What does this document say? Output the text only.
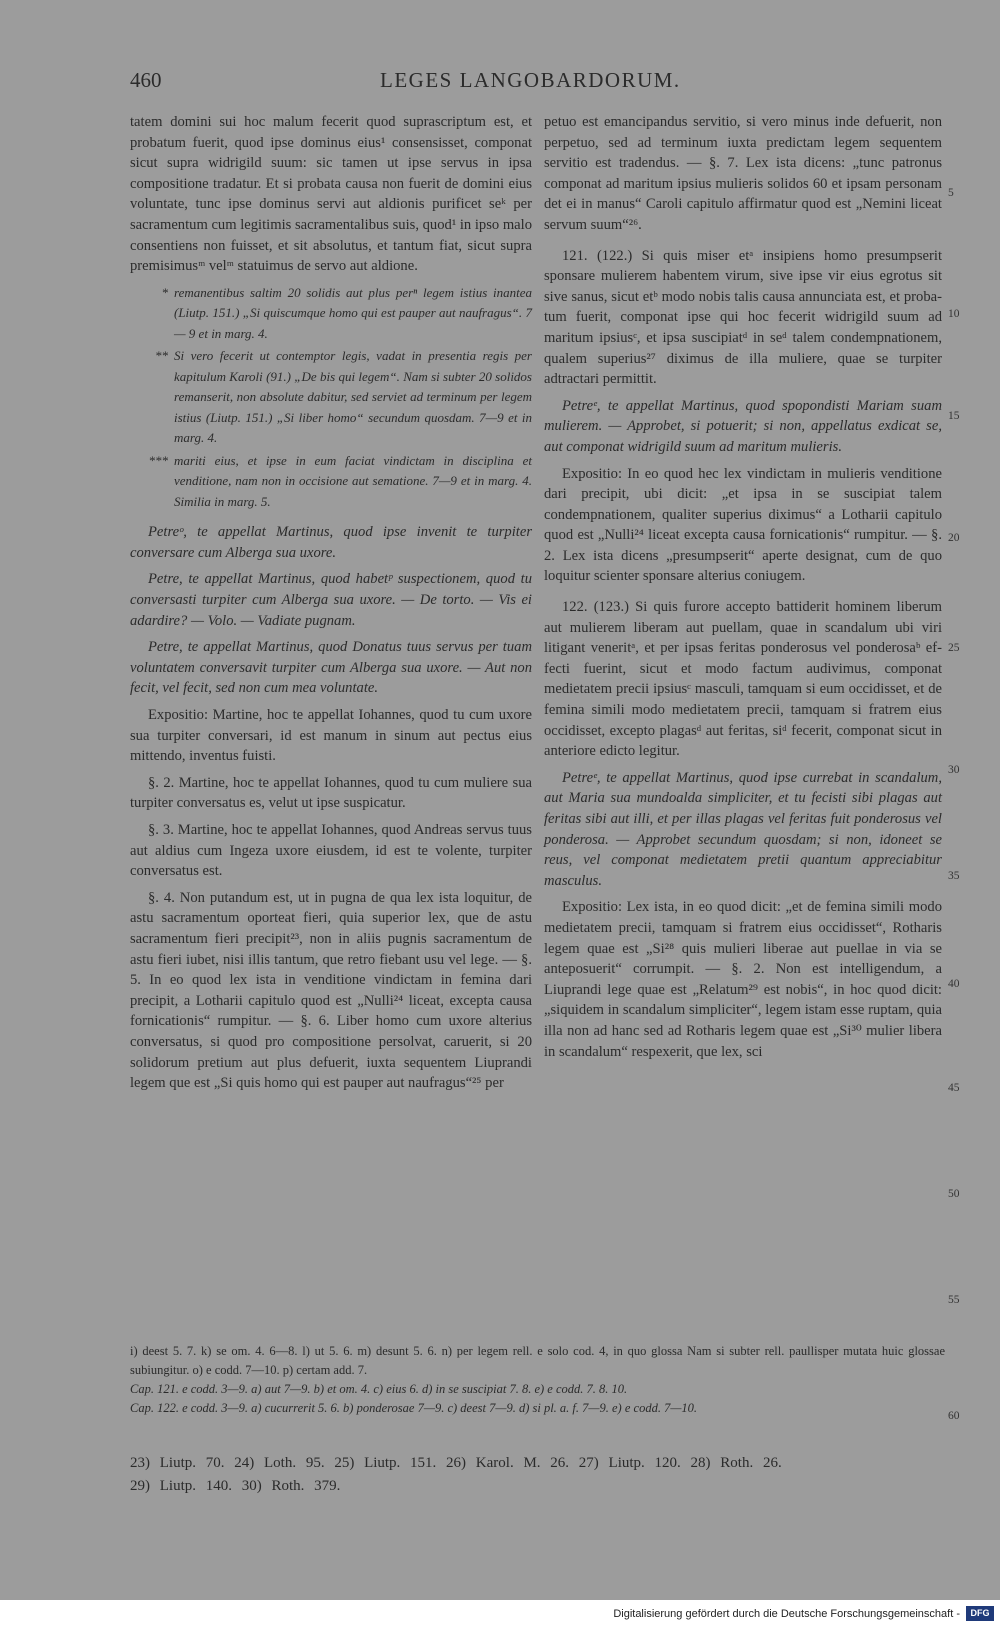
460	LEGES LANGOBARDORUM.

tatem domini sui hoc malum fecerit quod suprascriptum est, et probatum fuerit, quod ipse dominus eius¹ consensisset, componat sicut supra widrigild suum: sic tamen ut ipse servus in ipsa compositione tradatur. Et si probata causa non fuerit de domini eius voluntate, tunc ipse dominus servi aut aldionis purificet seᵏ per sacramentum cum legitimis sacramentalibus suis, quod¹ in ipso malo consentiens non fuisset, et sit absolutus, et tantum fiat, sicut supra premisimusᵐ velᵐ statuimus de servo aut aldione.

* remanentibus saltim 20 solidis aut plus perⁿ legem istius inantea (Liutp. 151.) „Si quiscumque homo qui est pauper aut naufragus“. 7 — 9 et in marg. 4.
** Si vero fecerit ut contemptor legis, vadat in presentia regis per kapitulum Karoli (91.) „De bis qui legem“. Nam si subter 20 solidos remanserit, non absolute dabitur, sed serviet ad terminum per legem istius (Liutp. 151.) „Si liber homo“ secundum quosdam. 7—9 et in marg. 4.
*** mariti eius, et ipse in eum faciat vindictam in disciplina et venditione, nam non in occisione aut sematione. 7—9 et in marg. 4. Similia in marg. 5.

Petreᵒ, te appellat Martinus, quod ipse invenit te turpiter conversare cum Alberga sua uxore.

Petre, te appellat Martinus, quod habetᵖ suspectionem, quod tu conversasti turpiter cum Alberga sua uxore. — De torto. — Vis ei adardire? — Volo. — Vadiate pugnam.

Petre, te appellat Martinus, quod Donatus tuus servus per tuam voluntatem conversavit turpiter cum Alberga sua uxore. — Aut non fecit, vel fecit, sed non cum mea voluntate.

Expositio: Martine, hoc te appellat Iohannes, quod tu cum uxore sua turpiter conversari, id est manum in sinum aut pectus eius mittendo, inventus fuisti.

§. 2. Martine, hoc te appellat Iohannes, quod tu cum muliere sua turpiter conversatus es, velut ut ipse suspicatur.

§. 3. Martine, hoc te appellat Iohannes, quod Andreas servus tuus aut aldius cum Ingeza uxore eiusdem, id est te volente, turpiter conversatus est.

§. 4. Non putandum est, ut in pugna de qua lex ista loquitur, de astu sacramentum oporteat fieri, quia superior lex, que de astu sacramentum fieri precipit²³, non in aliis pugnis sacramentum de astu fieri iubet, nisi illis tantum, que retro fiebant usu vel lege. — §. 5. In eo quod lex ista in venditione vindictam in femina dari precipit, a Lotharii capitulo quod est „Nulli²⁴ liceat, excepta causa fornicationis“ rumpitur. — §. 6. Liber homo cum uxore alterius conversatus, si quod pro compositione persolvat, caruerit, si 20 solidorum pretium aut plus defuerit, iuxta sequentem Liuprandi legem que est „Si quis homo qui est pauper aut naufragus“²⁵ per

petuo est emancipandus servitio, si vero minus inde defuerit, non perpetuo, sed ad terminum iuxta predictam legem sequentem servitio est tradendus. — §. 7. Lex ista dicens: „tunc patronus componat ad maritum ipsius mulieris solidos 60 et ipsam personam det ei in manus“ Caroli capitulo affirmatur quod est „Nemini liceat servum suum“²⁶.

121. (122.) Si quis miser etᵃ insipiens homo presumpserit sponsare mulierem habentem virum, sive ipse vir eius egrotus sit sive sanus, sicut etᵇ modo nobis talis causa annunciata est, et probatum fuerit, componat ipse qui hoc fecerit widrigild suum ad maritum ipsiusᶜ, et ipsa suscipiatᵈ in seᵈ talem condempnationem, qualem superius²⁷ diximus de illa muliere, quae se turpiter adtractari permittit.

Petreᵉ, te appellat Martinus, quod spopondisti Mariam suam mulierem. — Approbet, si potuerit; si non, appellatus exdicat se, aut componat widrigild suum ad maritum mulieris.

Expositio: In eo quod hec lex vindictam in mulieris venditione dari precipit, ubi dicit: „et ipsa in se suscipiat talem condempnationem, qualiter superius diximus“ a Lotharii capitulo quod est „Nulli²⁴ liceat excepta causa fornicationis“ rumpitur. — §. 2. Lex ista dicens „presumpserit“ aperte designat, cum de quo loquitur scienter sponsare alterius coniugem.

122. (123.) Si quis furore accepto battiderit hominem liberum aut mulierem liberam aut puellam, quae in scandalum ubi viri litigant veneritᵃ, et per ipsas feritas ponderosus vel ponderosaᵇ effecti fuerint, sicut et modo factum audivimus, componat medietatem precii ipsiusᶜ masculi, tamquam si eum occidisset, et de femina simili modo medietatem precii, tamquam si fratrem eius occidisset, excepto plagasᵈ aut feritas, siᵈ fecerit, componat sicut in anteriore edicto legitur.

Petreᵉ, te appellat Martinus, quod ipse currebat in scandalum, aut Maria sua mundoalda simpliciter, et tu fecisti sibi plagas aut feritas sibi aut illi, et per illas plagas vel feritas fuit ponderosus vel ponderosa. — Approbet secundum quosdam; si non, idoneet se reus, vel componat medietatem pretii quantum appreciabitur masculus.

Expositio: Lex ista, in eo quod dicit: „et de femina simili modo medietatem precii, tamquam si fratrem eius occidisset“, Rotharis legem quae est „Si²⁸ quis mulieri liberae aut puellae in via se anteposuerit“ corrumpit. — §. 2. Non est intelligendum, a Liuprandi lege quae est „Relatum²⁹ est nobis“, in hoc quod dicit: „siquidem in scandalum simpliciter“, legem istam esse ruptam, quia illa non ad hanc sed ad Rotharis legem quae est „Si³⁰ mulier libera in scandalum“ respexerit, que lex, sci

5
10
15
20
25
30
35
40
45
50
55
60

i) deest 5. 7. k) se om. 4. 6—8. l) ut 5. 6. m) desunt 5. 6. n) per legem rell. e solo cod. 4, in quo glossa Nam si subter rell. paullisper mutata huic glossae subiungitur. o) e codd. 7—10. p) certam add. 7.

Cap. 121. e codd. 3—9. a) aut 7—9. b) et om. 4. c) eius 6. d) in se suscipiat 7. 8. e) e codd. 7. 8. 10.

Cap. 122. e codd. 3—9. a) cucurrerit 5. 6. b) ponderosae 7—9. c) deest 7—9. d) si pl. a. f. 7—9. e) e codd. 7—10.

23) Liutp. 70. 24) Loth. 95. 25) Liutp. 151. 26) Karol. M. 26. 27) Liutp. 120. 28) Roth. 26.

29) Liutp. 140. 30) Roth. 379.

Digitalisierung gefördert durch die Deutsche Forschungsgemeinschaft -	DFG
